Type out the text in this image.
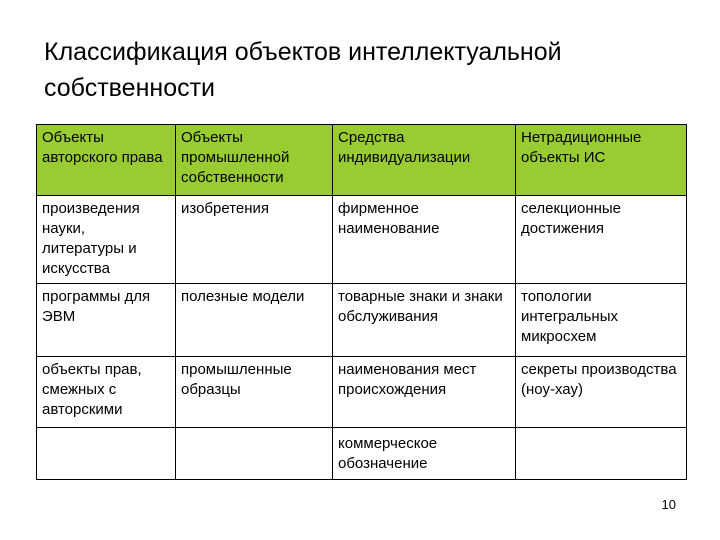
Классификация объектов интеллектуальной собственности
Объекты авторского права	Объекты промышленной собственности	Средства индивидуализации	Нетрадиционные объекты ИС
произведения науки, литературы и искусства	изобретения	фирменное наименование	селекционные достижения
программы для ЭВМ	полезные модели	товарные знаки и знаки обслуживания	топологии интегральных микросхем
объекты прав, смежных с авторскими	промышленные образцы	наименования мест происхождения	секреты производства (ноу-хау)
		коммерческое обозначение	
10
